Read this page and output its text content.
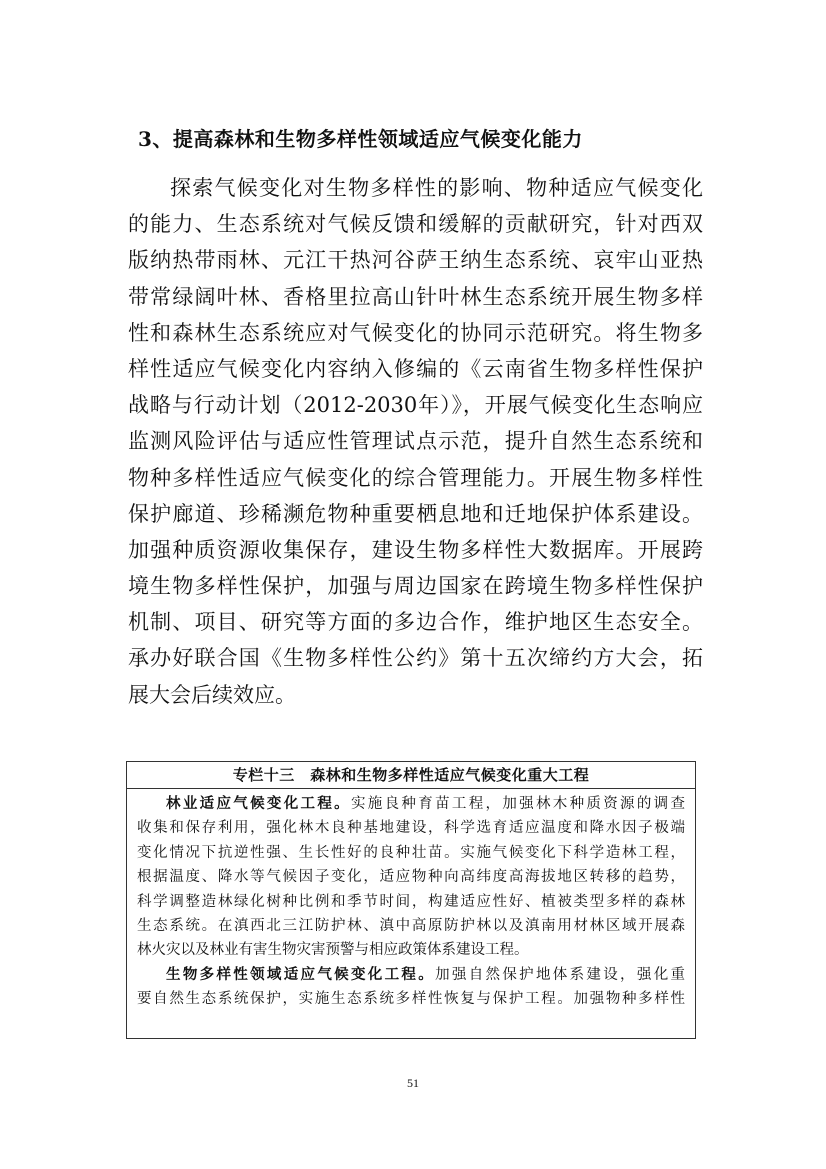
3、提高森林和生物多样性领域适应气候变化能力
探索气候变化对生物多样性的影响、物种适应气候变化
的能力、生态系统对气候反馈和缓解的贡献研究，针对西双
版纳热带雨林、元江干热河谷萨王纳生态系统、哀牢山亚热
带常绿阔叶林、香格里拉高山针叶林生态系统开展生物多样
性和森林生态系统应对气候变化的协同示范研究。将生物多
样性适应气候变化内容纳入修编的《云南省生物多样性保护
战略与行动计划（2012-2030年）》，开展气候变化生态响应
监测风险评估与适应性管理试点示范，提升自然生态系统和
物种多样性适应气候变化的综合管理能力。开展生物多样性
保护廊道、珍稀濒危物种重要栖息地和迁地保护体系建设。
加强种质资源收集保存，建设生物多样性大数据库。开展跨
境生物多样性保护，加强与周边国家在跨境生物多样性保护
机制、项目、研究等方面的多边合作，维护地区生态安全。
承办好联合国《生物多样性公约》第十五次缔约方大会，拓
展大会后续效应。
专栏十三　森林和生物多样性适应气候变化重大工程
林业适应气候变化工程。实施良种育苗工程，加强林木种质资源的调查
收集和保存利用，强化林木良种基地建设，科学选育适应温度和降水因子极端
变化情况下抗逆性强、生长性好的良种壮苗。实施气候变化下科学造林工程，
根据温度、降水等气候因子变化，适应物种向高纬度高海拔地区转移的趋势，
科学调整造林绿化树种比例和季节时间，构建适应性好、植被类型多样的森林
生态系统。在滇西北三江防护林、滇中高原防护林以及滇南用材林区域开展森
林火灾以及林业有害生物灾害预警与相应政策体系建设工程。
生物多样性领域适应气候变化工程。加强自然保护地体系建设，强化重
要自然生态系统保护，实施生态系统多样性恢复与保护工程。加强物种多样性
51
